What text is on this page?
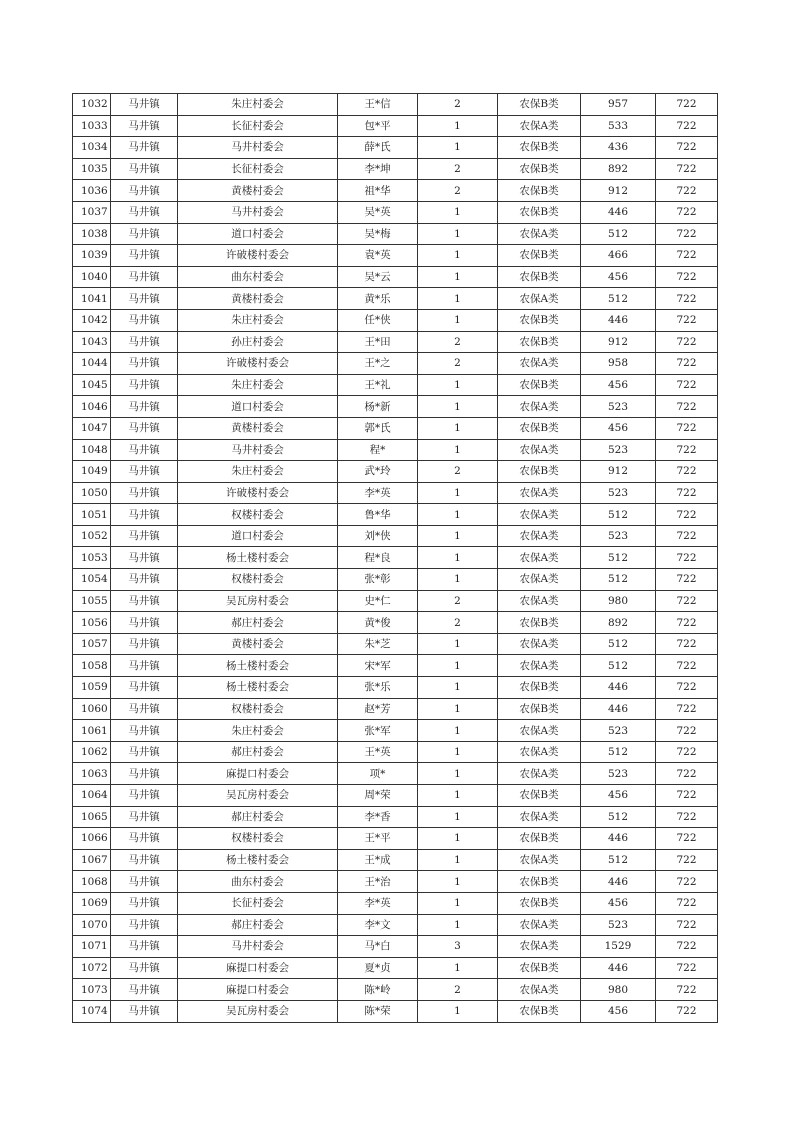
1032	马井镇	朱庄村委会	王*信	2	农保B类	957	722
1033	马井镇	长征村委会	包*平	1	农保A类	533	722
1034	马井镇	马井村委会	薛*氏	1	农保B类	436	722
1035	马井镇	长征村委会	李*坤	2	农保B类	892	722
1036	马井镇	黄楼村委会	祖*华	2	农保B类	912	722
1037	马井镇	马井村委会	吴*英	1	农保B类	446	722
1038	马井镇	道口村委会	吴*梅	1	农保A类	512	722
1039	马井镇	许破楼村委会	袁*英	1	农保B类	466	722
1040	马井镇	曲东村委会	吴*云	1	农保B类	456	722
1041	马井镇	黄楼村委会	黄*乐	1	农保A类	512	722
1042	马井镇	朱庄村委会	任*侠	1	农保B类	446	722
1043	马井镇	孙庄村委会	王*田	2	农保B类	912	722
1044	马井镇	许破楼村委会	王*之	2	农保A类	958	722
1045	马井镇	朱庄村委会	王*礼	1	农保B类	456	722
1046	马井镇	道口村委会	杨*新	1	农保A类	523	722
1047	马井镇	黄楼村委会	郭*氏	1	农保B类	456	722
1048	马井镇	马井村委会	程*	1	农保A类	523	722
1049	马井镇	朱庄村委会	武*玲	2	农保B类	912	722
1050	马井镇	许破楼村委会	李*英	1	农保A类	523	722
1051	马井镇	权楼村委会	鲁*华	1	农保A类	512	722
1052	马井镇	道口村委会	刘*侠	1	农保A类	523	722
1053	马井镇	杨土楼村委会	程*良	1	农保A类	512	722
1054	马井镇	权楼村委会	张*彰	1	农保A类	512	722
1055	马井镇	吴瓦房村委会	史*仁	2	农保A类	980	722
1056	马井镇	郝庄村委会	黄*俊	2	农保B类	892	722
1057	马井镇	黄楼村委会	朱*芝	1	农保A类	512	722
1058	马井镇	杨土楼村委会	宋*军	1	农保A类	512	722
1059	马井镇	杨土楼村委会	张*乐	1	农保B类	446	722
1060	马井镇	权楼村委会	赵*芳	1	农保B类	446	722
1061	马井镇	朱庄村委会	张*军	1	农保A类	523	722
1062	马井镇	郝庄村委会	王*英	1	农保A类	512	722
1063	马井镇	麻提口村委会	项*	1	农保A类	523	722
1064	马井镇	吴瓦房村委会	周*荣	1	农保B类	456	722
1065	马井镇	郝庄村委会	李*香	1	农保A类	512	722
1066	马井镇	权楼村委会	王*平	1	农保B类	446	722
1067	马井镇	杨土楼村委会	王*成	1	农保A类	512	722
1068	马井镇	曲东村委会	王*治	1	农保B类	446	722
1069	马井镇	长征村委会	李*英	1	农保B类	456	722
1070	马井镇	郝庄村委会	李*文	1	农保A类	523	722
1071	马井镇	马井村委会	马*白	3	农保A类	1529	722
1072	马井镇	麻提口村委会	夏*贞	1	农保B类	446	722
1073	马井镇	麻提口村委会	陈*岭	2	农保A类	980	722
1074	马井镇	吴瓦房村委会	陈*荣	1	农保B类	456	722
